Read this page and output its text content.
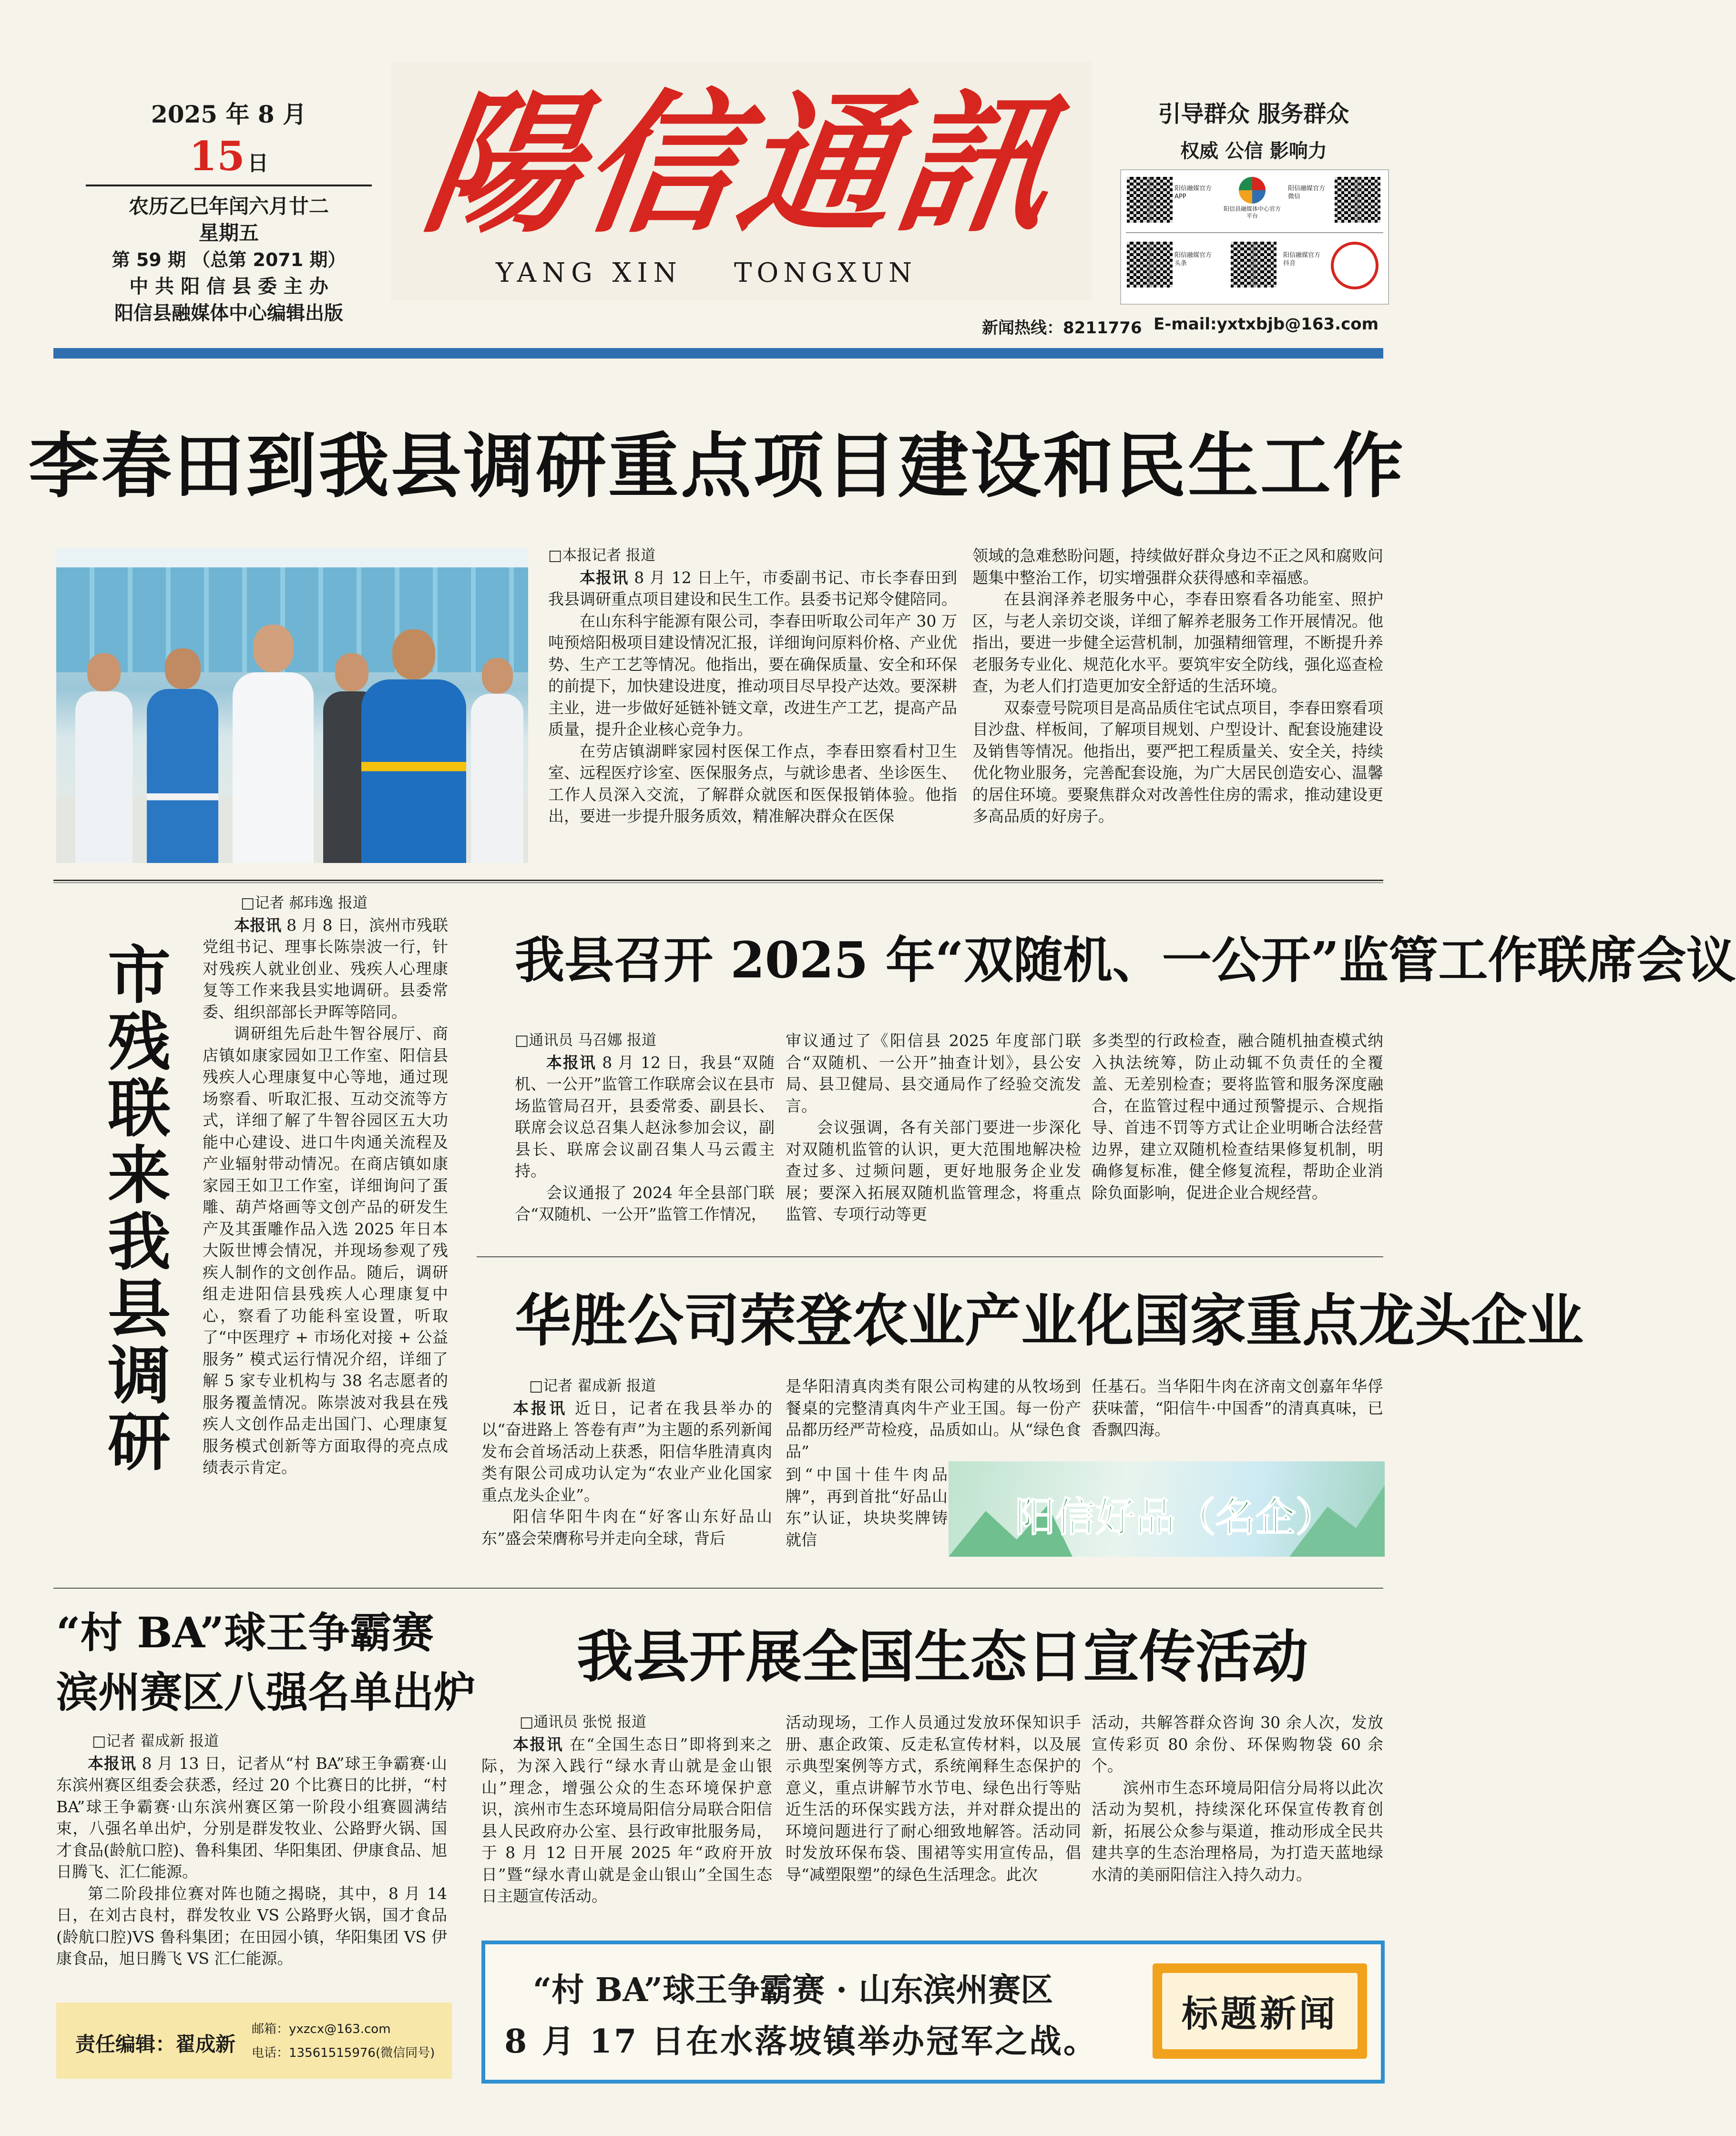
2025 年 8 月
15 日
农历乙巳年闰六月廿二
星期五
第 59 期 （总第 2071 期）
中 共 阳 信 县 委 主 办
阳信县融媒体中心编辑出版
陽信通訊
YANG XIN TONGXUN
引导群众 服务群众
权威 公信 影响力
阳信融媒官方APP
阳信县融媒体中心官方平台
阳信融媒官方微信
阳信融媒官方头条
阳信融媒官方抖音
新闻热线：8211776 E-mail:yxtxbjb@163.com
李春田到我县调研重点项目建设和民生工作

□本报记者 报道

本报讯 8 月 12 日上午，市委副书记、市长李春田到我县调研重点项目建设和民生工作。县委书记郑令健陪同。

在山东科宇能源有限公司，李春田听取公司年产 30 万吨预焙阳极项目建设情况汇报，详细询问原料价格、产业优势、生产工艺等情况。他指出，要在确保质量、安全和环保的前提下，加快建设进度，推动项目尽早投产达效。要深耕主业，进一步做好延链补链文章，改进生产工艺，提高产品质量，提升企业核心竞争力。

在劳店镇湖畔家园村医保工作点，李春田察看村卫生室、远程医疗诊室、医保服务点，与就诊患者、坐诊医生、工作人员深入交流，了解群众就医和医保报销体验。他指出，要进一步提升服务质效，精准解决群众在医保

领域的急难愁盼问题，持续做好群众身边不正之风和腐败问题集中整治工作，切实增强群众获得感和幸福感。

在县润泽养老服务中心，李春田察看各功能室、照护区，与老人亲切交谈，详细了解养老服务工作开展情况。他指出，要进一步健全运营机制，加强精细管理，不断提升养老服务专业化、规范化水平。要筑牢安全防线，强化巡查检查，为老人们打造更加安全舒适的生活环境。

双泰壹号院项目是高品质住宅试点项目，李春田察看项目沙盘、样板间，了解项目规划、户型设计、配套设施建设及销售等情况。他指出，要严把工程质量关、安全关，持续优化物业服务，完善配套设施，为广大居民创造安心、温馨的居住环境。要聚焦群众对改善性住房的需求，推动建设更多高品质的好房子。

市残联来我县调研

□记者 郝玮逸 报道

本报讯 8 月 8 日，滨州市残联党组书记、理事长陈崇波一行，针对残疾人就业创业、残疾人心理康复等工作来我县实地调研。县委常委、组织部部长尹晖等陪同。

调研组先后赴牛智谷展厅、商店镇如康家园如卫工作室、阳信县残疾人心理康复中心等地，通过现场察看、听取汇报、互动交流等方式，详细了解了牛智谷园区五大功能中心建设、进口牛肉通关流程及产业辐射带动情况。在商店镇如康家园王如卫工作室，详细询问了蛋雕、葫芦烙画等文创产品的研发生产及其蛋雕作品入选 2025 年日本大阪世博会情况，并现场参观了残疾人制作的文创作品。随后，调研组走进阳信县残疾人心理康复中心，察看了功能科室设置，听取了“中医理疗 + 市场化对接 + 公益服务” 模式运行情况介绍，详细了解 5 家专业机构与 38 名志愿者的服务覆盖情况。陈崇波对我县在残疾人文创作品走出国门、心理康复服务模式创新等方面取得的亮点成绩表示肯定。

我县召开 2025 年“双随机、一公开”监管工作联席会议

□通讯员 马召娜 报道

本报讯 8 月 12 日，我县“双随机、一公开”监管工作联席会议在县市场监管局召开，县委常委、副县长、联席会议总召集人赵泳参加会议，副县长、联席会议副召集人马云霞主持。

会议通报了 2024 年全县部门联合“双随机、一公开”监管工作情况，

审议通过了《阳信县 2025 年度部门联合“双随机、一公开”抽查计划》，县公安局、县卫健局、县交通局作了经验交流发言。

会议强调，各有关部门要进一步深化对双随机监管的认识，更大范围地解决检查过多、过频问题，更好地服务企业发展；要深入拓展双随机监管理念，将重点监管、专项行动等更

多类型的行政检查，融合随机抽查模式纳入执法统筹，防止动辄不负责任的全覆盖、无差别检查；要将监管和服务深度融合，在监管过程中通过预警提示、合规指导、首违不罚等方式让企业明晰合法经营边界，建立双随机检查结果修复机制，明确修复标准，健全修复流程，帮助企业消除负面影响，促进企业合规经营。

华胜公司荣登农业产业化国家重点龙头企业

□记者 翟成新 报道

本报讯 近日，记者在我县举办的以“奋进路上 答卷有声”为主题的系列新闻发布会首场活动上获悉，阳信华胜清真肉类有限公司成功认定为“农业产业化国家重点龙头企业”。

阳信华阳牛肉在“好客山东好品山东”盛会荣膺称号并走向全球，背后

是华阳清真肉类有限公司构建的从牧场到餐桌的完整清真肉牛产业王国。每一份产品都历经严苛检疫，品质如山。从“绿色食品”

到“中国十佳牛肉品牌”，再到首批“好品山东”认证，块块奖牌铸就信

任基石。当华阳牛肉在济南文创嘉年华俘获味蕾，“阳信牛·中国香”的清真真味，已香飘四海。

阳信好品（名企）
“村 BA”球王争霸赛
滨州赛区八强名单出炉

□记者 翟成新 报道

本报讯 8 月 13 日，记者从“村 BA”球王争霸赛·山东滨州赛区组委会获悉，经过 20 个比赛日的比拼，“村 BA”球王争霸赛·山东滨州赛区第一阶段小组赛圆满结束，八强名单出炉，分别是群发牧业、公路野火锅、国才食品(龄航口腔)、鲁科集团、华阳集团、伊康食品、旭日腾飞、汇仁能源。

第二阶段排位赛对阵也随之揭晓，其中，8 月 14 日，在刘古良村，群发牧业 VS 公路野火锅，国才食品(龄航口腔)VS 鲁科集团；在田园小镇，华阳集团 VS 伊康食品，旭日腾飞 VS 汇仁能源。

我县开展全国生态日宣传活动

□通讯员 张悦 报道

本报讯 在“全国生态日”即将到来之际，为深入践行“绿水青山就是金山银山”理念，增强公众的生态环境保护意识，滨州市生态环境局阳信分局联合阳信县人民政府办公室、县行政审批服务局，于 8 月 12 日开展 2025 年“政府开放日”暨“绿水青山就是金山银山”全国生态日主题宣传活动。

活动现场，工作人员通过发放环保知识手册、惠企政策、反走私宣传材料，以及展示典型案例等方式，系统阐释生态保护的意义，重点讲解节水节电、绿色出行等贴近生活的环保实践方法，并对群众提出的环境问题进行了耐心细致地解答。活动同时发放环保布袋、围裙等实用宣传品，倡导“减塑限塑”的绿色生活理念。此次

活动，共解答群众咨询 30 余人次，发放宣传彩页 80 余份、环保购物袋 60 余个。

滨州市生态环境局阳信分局将以此次活动为契机，持续深化环保宣传教育创新，拓展公众参与渠道，推动形成全民共建共享的生态治理格局，为打造天蓝地绿水清的美丽阳信注入持久动力。

责任编辑：翟成新
邮箱：yxzcx@163.com
电话：13561515976(微信同号)
“村 BA”球王争霸赛 · 山东滨州赛区
8 月 17 日在水落坡镇举办冠军之战。
标题新闻
